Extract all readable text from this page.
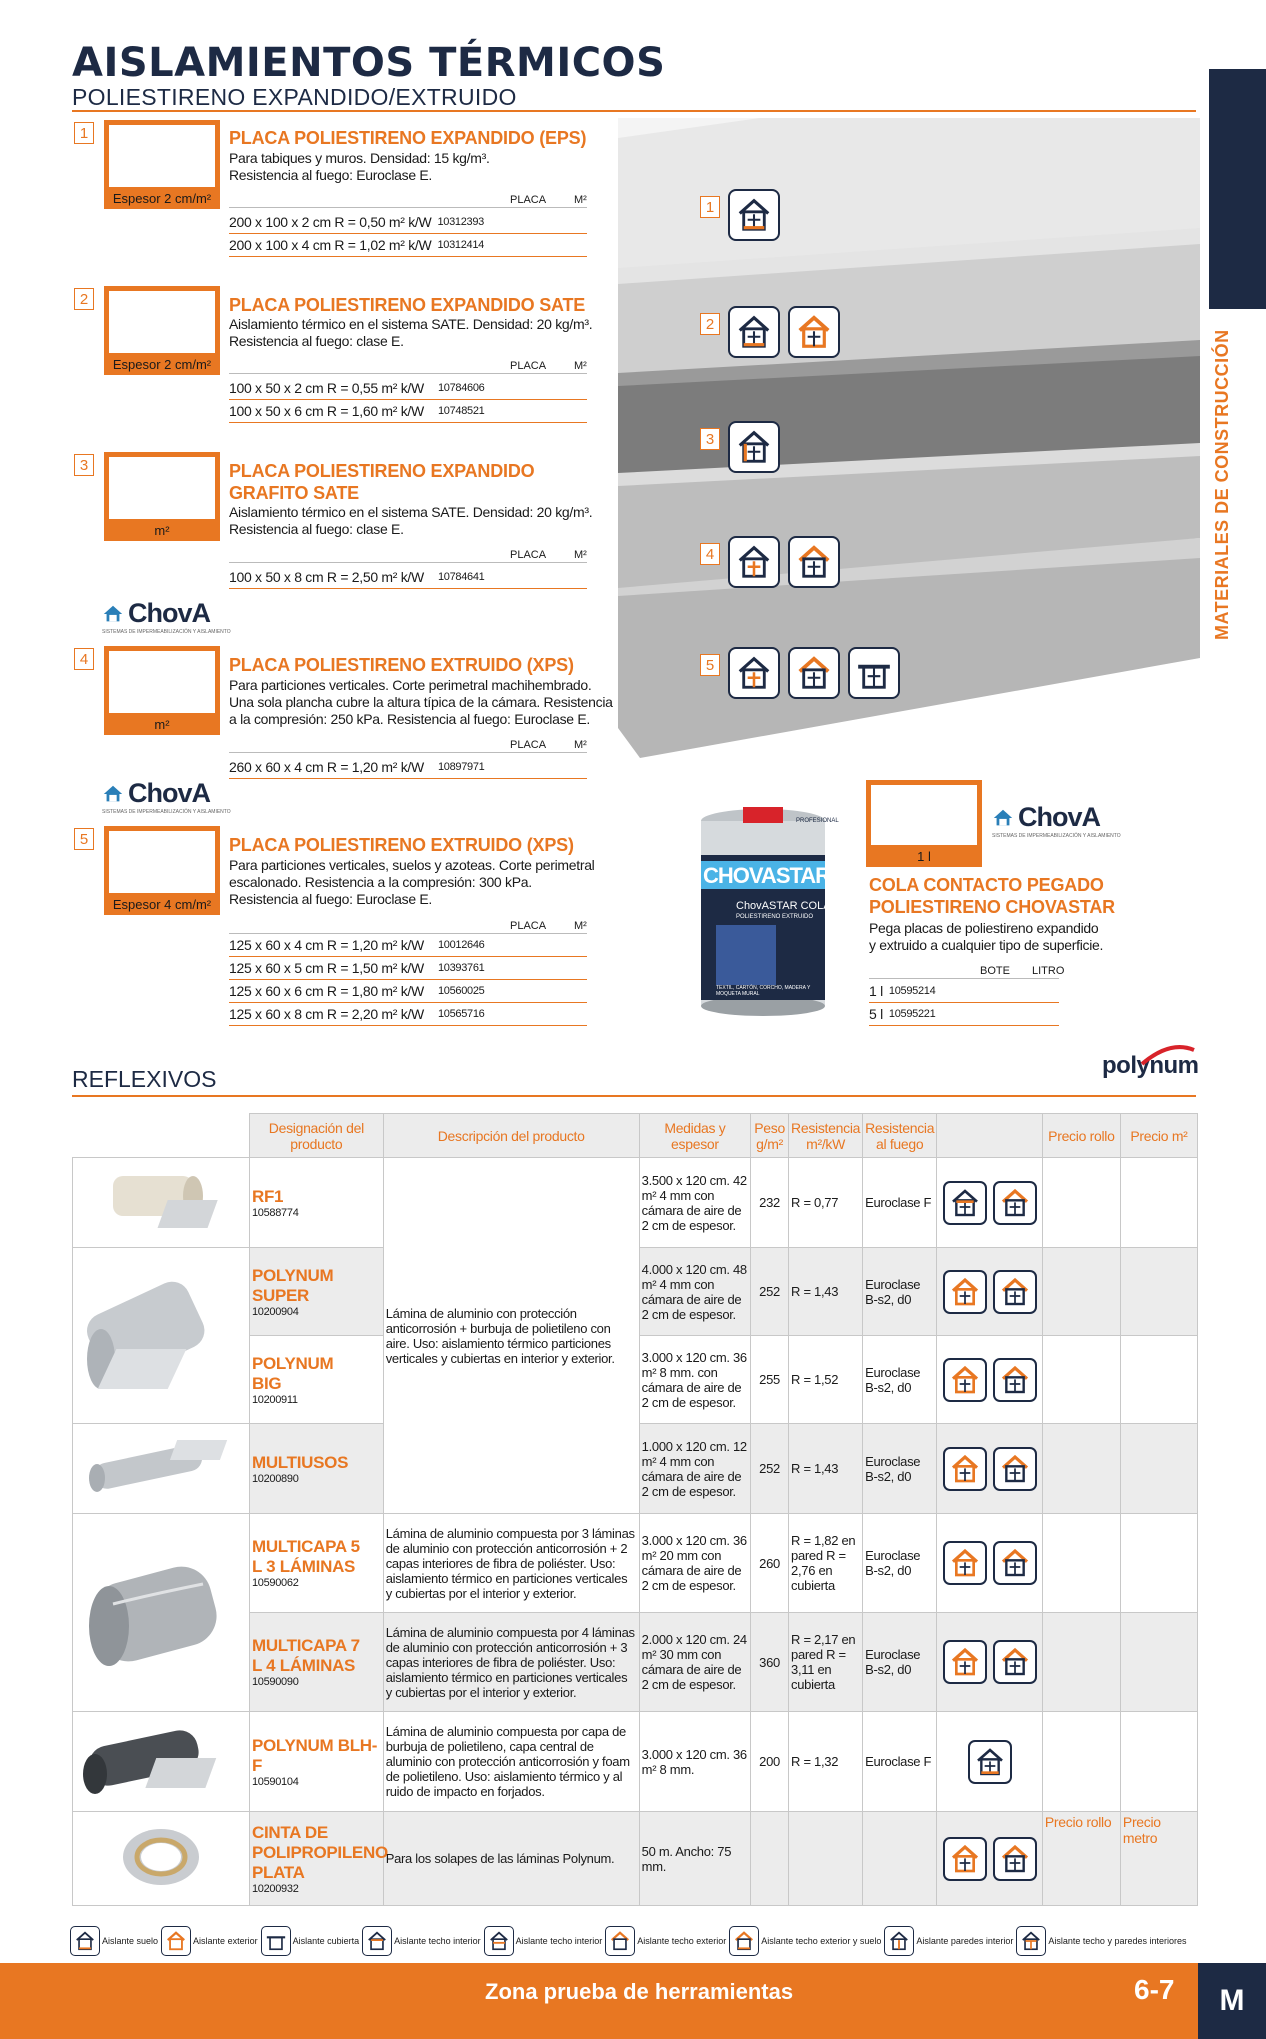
AISLAMIENTOS TÉRMICOS
POLIESTIRENO EXPANDIDO/EXTRUIDO
MATERIALES DE CONSTRUCCIÓN
1
Espesor 2 cm/m²
PLACA POLIESTIRENO EXPANDIDO (EPS)
Para tabiques y muros. Densidad: 15 kg/m³.
Resistencia al fuego: Euroclase E.
PLACA	M²
200 x 100 x 2 cm R = 0,50 m² k/W 10312393
200 x 100 x 4 cm R = 1,02 m² k/W 10312414
2
Espesor 2 cm/m²
PLACA POLIESTIRENO EXPANDIDO SATE
Aislamiento térmico en el sistema SATE. Densidad: 20 kg/m³.
Resistencia al fuego: clase E.
PLACA	M²
100 x 50 x 2 cm R = 0,55 m² k/W 10784606
100 x 50 x 6 cm R = 1,60 m² k/W 10748521
3
m²
PLACA POLIESTIRENO EXPANDIDO
GRAFITO SATE
Aislamiento térmico en el sistema SATE. Densidad: 20 kg/m³.
Resistencia al fuego: clase E.
PLACA	M²
100 x 50 x 8 cm R = 2,50 m² k/W 10784641
ChovA
SISTEMAS DE IMPERMEABILIZACIÓN Y AISLAMIENTO
4
m²
PLACA POLIESTIRENO EXTRUIDO (XPS)
Para particiones verticales. Corte perimetral machihembrado.
Una sola plancha cubre la altura típica de la cámara. Resistencia
a la compresión: 250 kPa. Resistencia al fuego: Euroclase E.
PLACA	M²
260 x 60 x 4 cm R = 1,20 m² k/W 10897971
ChovA
SISTEMAS DE IMPERMEABILIZACIÓN Y AISLAMIENTO
5
Espesor 4 cm/m²
PLACA POLIESTIRENO EXTRUIDO (XPS)
Para particiones verticales, suelos y azoteas. Corte perimetral
escalonado. Resistencia a la compresión: 300 kPa.
Resistencia al fuego: Euroclase E.
PLACA	M²
125 x 60 x 4 cm R = 1,20 m² k/W 10012646
125 x 60 x 5 cm R = 1,50 m² k/W 10393761
125 x 60 x 6 cm R = 1,80 m² k/W 10560025
125 x 60 x 8 cm R = 2,20 m² k/W 10565716
1
2
3
4
5
PROFESIONAL
CHOVASTAR
ChovASTAR COLA
POLIESTIRENO EXTRUIDO
TEXTIL, CARTÓN, CORCHO, MADERA Y MOQUETA MURAL
1 l
ChovA
SISTEMAS DE IMPERMEABILIZACIÓN Y AISLAMIENTO
COLA CONTACTO PEGADO
POLIESTIRENO CHOVASTAR
Pega placas de poliestireno expandido
y extruido a cualquier tipo de superficie.
BOTE LITRO
1 l 10595214
5 l 10595221
REFLEXIVOS	polynum
	Designación del producto	Descripción del producto	Medidas y espesor	Peso g/m²	Resistencia m²/kW	Resistencia al fuego		Precio rollo	Precio m²

RF1
10588774	Lámina de aluminio con protección anticorrosión + burbuja de polietileno con aire. Uso: aislamiento térmico particiones verticales y cubiertas en interior y exterior.	3.500 x 120 cm. 42 m² 4 mm con cámara de aire de 2 cm de espesor.	232	R = 0,77	Euroclase F	

POLYNUM SUPER
10200904		4.000 x 120 cm. 48 m² 4 mm con cámara de aire de 2 cm de espesor.	252	R = 1,43	Euroclase B-s2, d0	

	POLYNUM BIG
10200911		3.000 x 120 cm. 36 m² 8 mm. con cámara de aire de 2 cm de espesor.	255	R = 1,52	Euroclase B-s2, d0	

MULTIUSOS
10200890		1.000 x 120 cm. 12 m² 4 mm con cámara de aire de 2 cm de espesor.	252	R = 1,43	Euroclase B-s2, d0	

MULTICAPA 5 L 3 LÁMINAS
10590062	Lámina de aluminio compuesta por 3 láminas de aluminio con protección anticorrosión + 2 capas interiores de fibra de poliéster. Uso: aislamiento térmico en particiones verticales y cubiertas por el interior y exterior.	3.000 x 120 cm. 36 m² 20 mm con cámara de aire de 2 cm de espesor.	260	R = 1,82 en pared R = 2,76 en cubierta	Euroclase B-s2, d0	

	MULTICAPA 7 L 4 LÁMINAS
10590090	Lámina de aluminio compuesta por 4 láminas de aluminio con protección anticorrosión + 3 capas interiores de fibra de poliéster. Uso: aislamiento térmico en particiones verticales y cubiertas por el interior y exterior.	2.000 x 120 cm. 24 m² 30 mm con cámara de aire de 2 cm de espesor.	360	R = 2,17 en pared R = 3,11 en cubierta	Euroclase B-s2, d0	

POLYNUM BLH-F
10590104	Lámina de aluminio compuesta por capa de burbuja de polietileno, capa central de aluminio con protección anticorrosión y foam de polietileno. Uso: aislamiento térmico y al ruido de impacto en forjados.	3.000 x 120 cm. 36 m² 8 mm.	200	R = 1,32	Euroclase F	

CINTA DE POLIPROPILENO PLATA
10200932	Para los solapes de las láminas Polynum.	50 m. Ancho: 75 mm.					Precio rollo	Precio metro
Aislante suelo	Aislante exterior	Aislante cubierta	Aislante techo interior	Aislante techo interior	Aislante techo exterior	Aislante techo exterior y suelo	Aislante paredes interior	Aislante techo y paredes interiores
Zona prueba de herramientas	6-7 M
